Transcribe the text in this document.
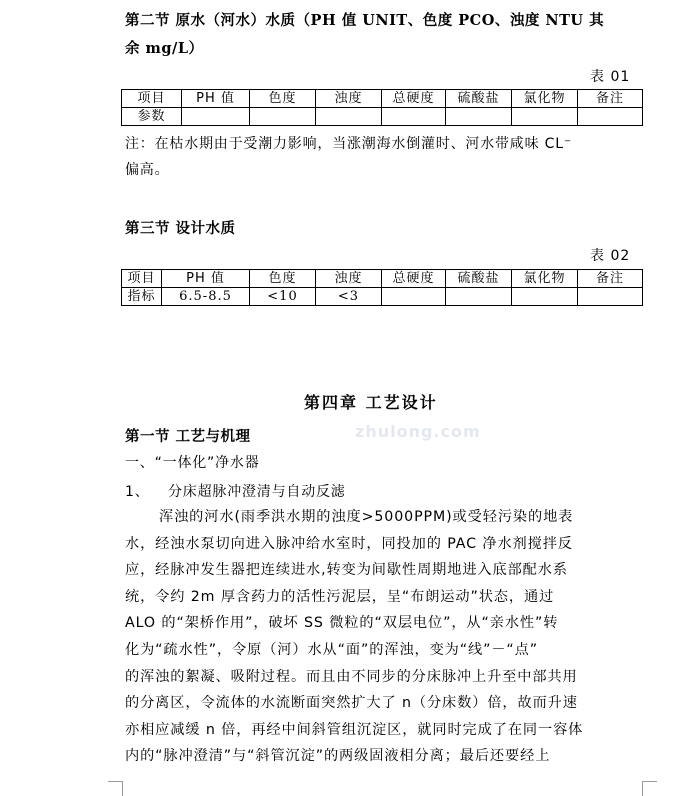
第二节 原水（河水）水质（PH 值 UNIT、色度 PCO、浊度 NTU 其
余 mg/L）
表 01
项目	PH 值	色度	浊度	总硬度	硫酸盐	氯化物	备注
参数							
注：在枯水期由于受潮力影响，当涨潮海水倒灌时、河水带咸味 CL⁻
偏高。
第三节 设计水质
表 02
项目	PH 值	色度	浊度	总硬度	硫酸盐	氯化物	备注
指标	6.5-8.5	<10	<3				
zhulong.com
第四章 工艺设计
第一节 工艺与机理
一、“一体化”净水器
1、 分床超脉冲澄清与自动反滤
浑浊的河水(雨季洪水期的浊度>5000PPM)或受轻污染的地表
水，经浊水泵切向进入脉冲给水室时，同投加的 PAC 净水剂搅拌反
应，经脉冲发生器把连续进水,转变为间歇性周期地进入底部配水系
统，令约 2m 厚含药力的活性污泥层，呈“布朗运动”状态，通过
ALO 的“架桥作用”，破坏 SS 微粒的“双层电位”，从“亲水性”转
化为“疏水性”，令原（河）水从“面”的浑浊，变为“线”－“点”
的浑浊的絮凝、吸附过程。而且由不同步的分床脉冲上升至中部共用
的分离区，令流体的水流断面突然扩大了 n（分床数）倍，故而升速
亦相应减缓 n 倍，再经中间斜管组沉淀区，就同时完成了在同一容体
内的“脉冲澄清”与“斜管沉淀”的两级固液相分离；最后还要经上
